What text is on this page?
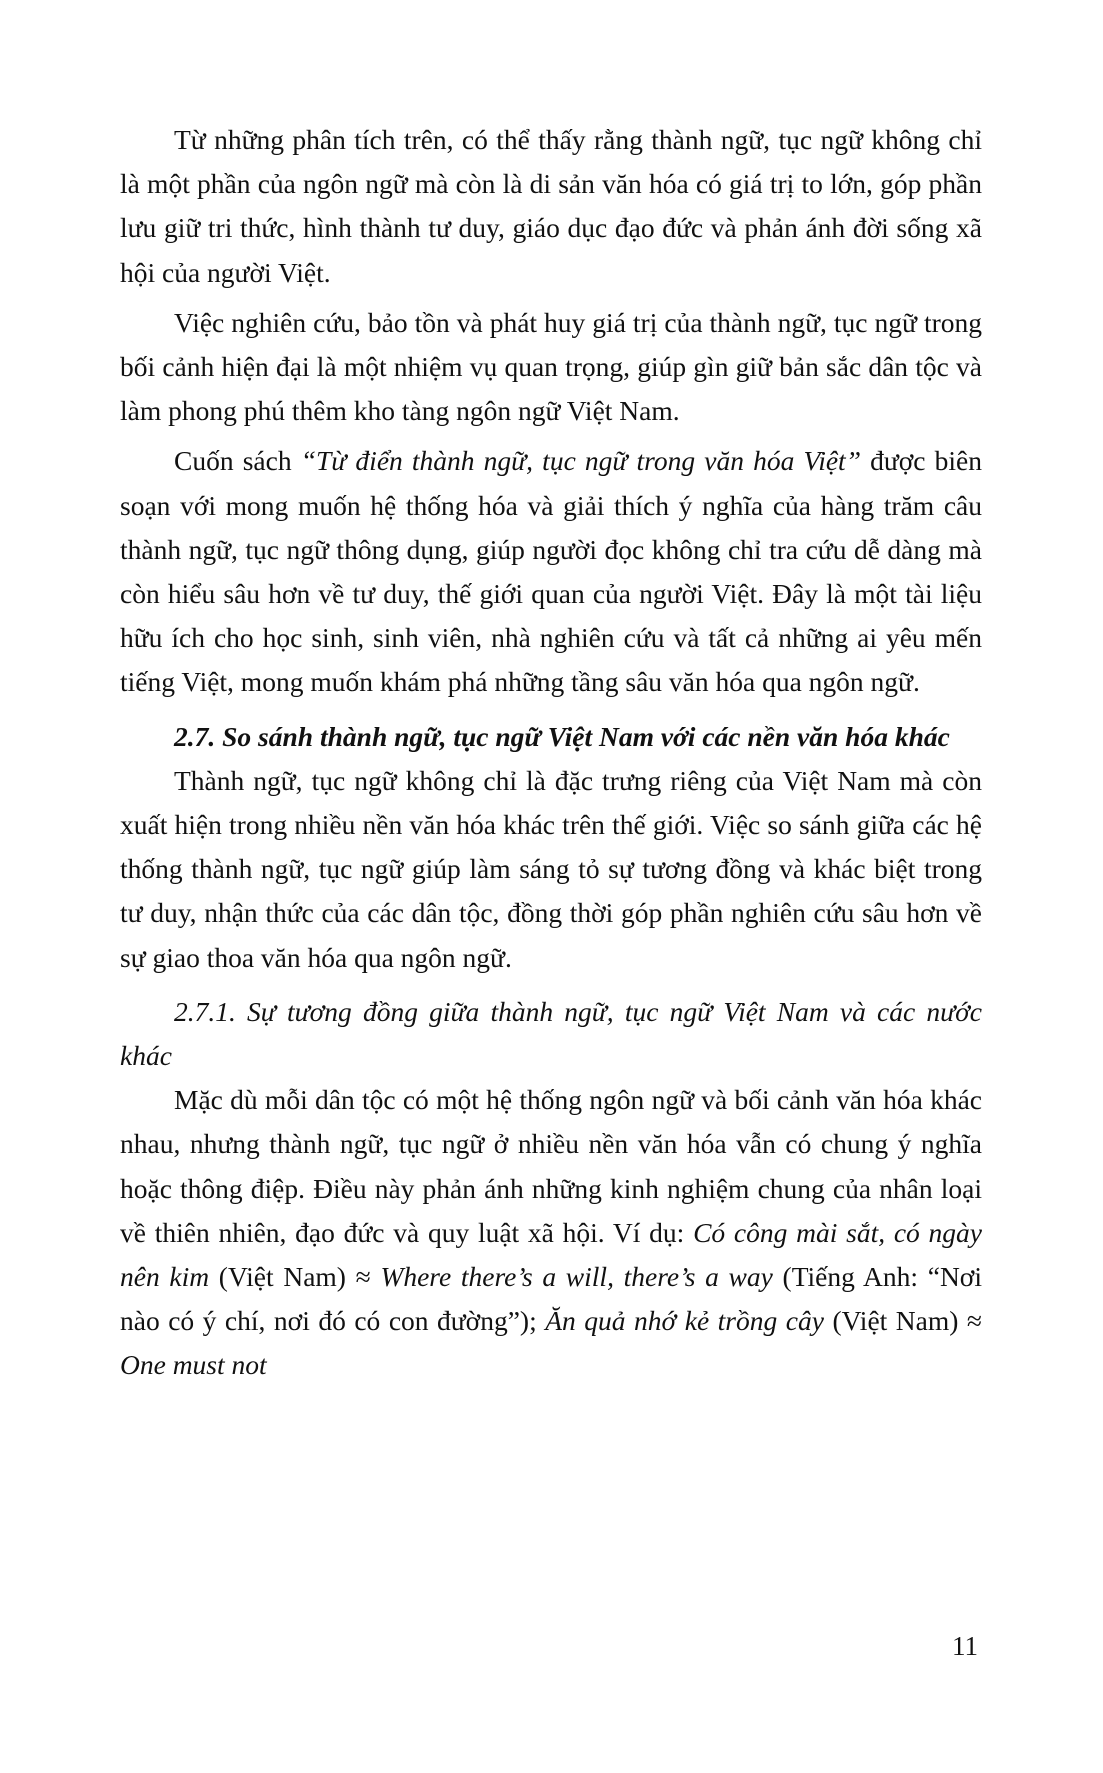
Từ những phân tích trên, có thể thấy rằng thành ngữ, tục ngữ không chỉ là một phần của ngôn ngữ mà còn là di sản văn hóa có giá trị to lớn, góp phần lưu giữ tri thức, hình thành tư duy, giáo dục đạo đức và phản ánh đời sống xã hội của người Việt.

Việc nghiên cứu, bảo tồn và phát huy giá trị của thành ngữ, tục ngữ trong bối cảnh hiện đại là một nhiệm vụ quan trọng, giúp gìn giữ bản sắc dân tộc và làm phong phú thêm kho tàng ngôn ngữ Việt Nam.

Cuốn sách “Từ điển thành ngữ, tục ngữ trong văn hóa Việt” được biên soạn với mong muốn hệ thống hóa và giải thích ý nghĩa của hàng trăm câu thành ngữ, tục ngữ thông dụng, giúp người đọc không chỉ tra cứu dễ dàng mà còn hiểu sâu hơn về tư duy, thế giới quan của người Việt. Đây là một tài liệu hữu ích cho học sinh, sinh viên, nhà nghiên cứu và tất cả những ai yêu mến tiếng Việt, mong muốn khám phá những tầng sâu văn hóa qua ngôn ngữ.

2.7. So sánh thành ngữ, tục ngữ Việt Nam với các nền văn hóa khác

Thành ngữ, tục ngữ không chỉ là đặc trưng riêng của Việt Nam mà còn xuất hiện trong nhiều nền văn hóa khác trên thế giới. Việc so sánh giữa các hệ thống thành ngữ, tục ngữ giúp làm sáng tỏ sự tương đồng và khác biệt trong tư duy, nhận thức của các dân tộc, đồng thời góp phần nghiên cứu sâu hơn về sự giao thoa văn hóa qua ngôn ngữ.

2.7.1. Sự tương đồng giữa thành ngữ, tục ngữ Việt Nam và các nước khác

Mặc dù mỗi dân tộc có một hệ thống ngôn ngữ và bối cảnh văn hóa khác nhau, nhưng thành ngữ, tục ngữ ở nhiều nền văn hóa vẫn có chung ý nghĩa hoặc thông điệp. Điều này phản ánh những kinh nghiệm chung của nhân loại về thiên nhiên, đạo đức và quy luật xã hội. Ví dụ: Có công mài sắt, có ngày nên kim (Việt Nam) ≈ Where there’s a will, there’s a way (Tiếng Anh: “Nơi nào có ý chí, nơi đó có con đường”); Ăn quả nhớ kẻ trồng cây (Việt Nam) ≈ One must not

11
